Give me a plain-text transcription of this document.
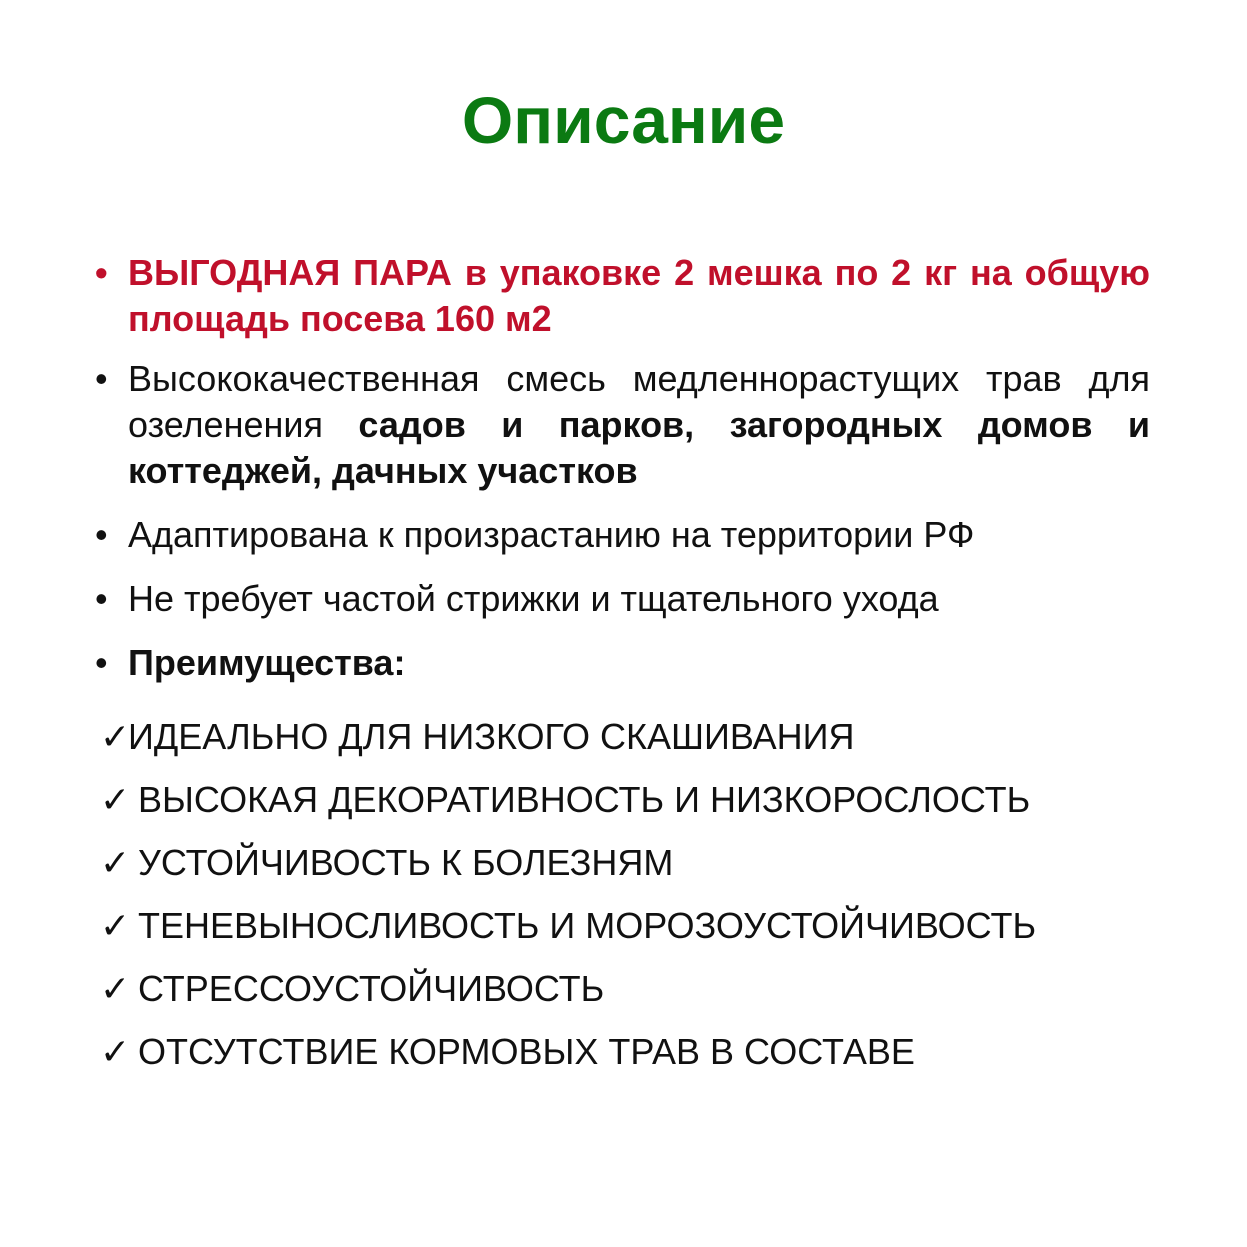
Описание
• ВЫГОДНАЯ ПАРА в упаковке 2 мешка по 2 кг на общую площадь посева 160 м2
• Высококачественная смесь медленнорастущих трав для озеленения садов и парков, загородных домов и коттеджей, дачных участков
• Адаптирована к произрастанию на территории РФ
• Не требует частой стрижки и тщательного ухода
• Преимущества:
✓ИДЕАЛЬНО ДЛЯ НИЗКОГО СКАШИВАНИЯ
✓ ВЫСОКАЯ ДЕКОРАТИВНОСТЬ И НИЗКОРОСЛОСТЬ
✓ УСТОЙЧИВОСТЬ К БОЛЕЗНЯМ
✓ ТЕНЕВЫНОСЛИВОСТЬ И МОРОЗОУСТОЙЧИВОСТЬ
✓ СТРЕССОУСТОЙЧИВОСТЬ
✓ ОТСУТСТВИЕ КОРМОВЫХ ТРАВ В СОСТАВЕ
